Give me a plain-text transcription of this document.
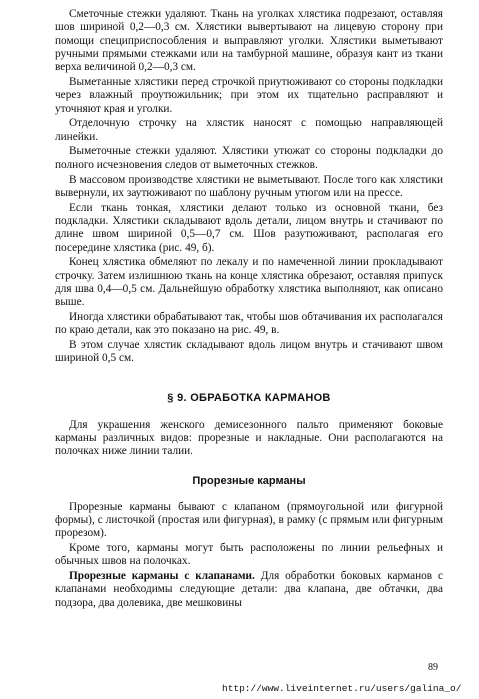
Сметочные стежки удаляют. Ткань на уголках хлястика подрезают, оставляя шов шириной 0,2—0,3 см. Хлястики вывертывают на лицевую сторону при помощи специприспособления и выправляют уголки. Хлястики выметывают ручными прямыми стежками или на тамбурной машине, образуя кант из ткани верха величиной 0,2—0,3 см.

Выметанные хлястики перед строчкой приутюживают со стороны подкладки через влажный проутюжильник; при этом их тщательно расправляют и уточняют края и уголки.

Отделочную строчку на хлястик наносят с помощью направляющей линейки.

Выметочные стежки удаляют. Хлястики утюжат со стороны подкладки до полного исчезновения следов от выметочных стежков.

В массовом производстве хлястики не выметывают. После того как хлястики вывернули, их заутюживают по шаблону ручным утюгом или на прессе.

Если ткань тонкая, хлястики делают только из основной ткани, без подкладки. Хлястики складывают вдоль детали, лицом внутрь и стачивают по длине швом шириной 0,5—0,7 см. Шов разутюживают, располагая его посередине хлястика (рис. 49, б).

Конец хлястика обмеляют по лекалу и по намеченной линии прокладывают строчку. Затем излишнюю ткань на конце хлястика обрезают, оставляя припуск для шва 0,4—0,5 см. Дальнейшую обработку хлястика выполняют, как описано выше.

Иногда хлястики обрабатывают так, чтобы шов обтачивания их располагался по краю детали, как это показано на рис. 49, в.

В этом случае хлястик складывают вдоль лицом внутрь и стачивают швом шириной 0,5 см.

§ 9. ОБРАБОТКА КАРМАНОВ

Для украшения женского демисезонного пальто применяют боковые карманы различных видов: прорезные и накладные. Они располагаются на полочках ниже линии талии.

Прорезные карманы

Прорезные карманы бывают с клапаном (прямоугольной или фигурной формы), с листочкой (простая или фигурная), в рамку (с прямым или фигурным прорезом).

Кроме того, карманы могут быть расположены по линии рельефных и обычных швов на полочках.

Прорезные карманы с клапанами. Для обработки боковых карманов с клапанами необходимы следующие детали: два клапана, две обтачки, два подзора, два долевика, две мешковины

89
http://www.liveinternet.ru/users/galina_o/
